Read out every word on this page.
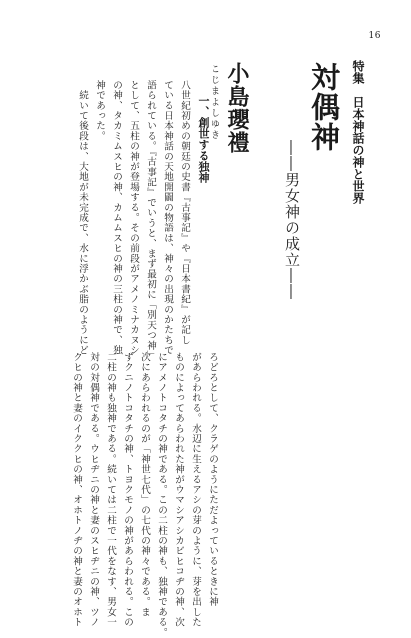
16
特集　日本神話の神と世界
対偶神
――男女神の成立――
こじまよしゆき 小島瓔禮
一、創世する独神
八世紀初めの朝廷の史書『古事記』や『日本書紀』が記し
ている日本神話の天地開闢の物語は、神々の出現のかたちで
語られている。『古事記』でいうと、まず最初に「別天つ神」
として、五柱の神が登場する。その前段がアメノミナカヌシ
の神、タカミムスヒの神、カムムスヒの神の三柱の神で、独
神であった。
　続いて後段は、大地が未完成で、水に浮かぶ脂のようにど
ろどろとして、クラゲのようにただよっているときに神
があらわれる。水辺に生えるアシの芽のように、芽を出した
ものによってあらわれた神がウマシアシカビヒコヂの神、次
にアメノトコタチの神である。この二柱の神も、独神である。
次にあらわれるのが「神世七代」の七代の神々である。ま
ずクニノトコタチの神、トヨクモノの神があらわれる。この
二柱の神も独神である。続いては二柱で一代をなす、男女一
対の対偶神である。ウヒヂニの神と妻のスヒヂニの神、ツノ
クヒの神と妻のイククヒの神、オホトノヂの神と妻のオホト
